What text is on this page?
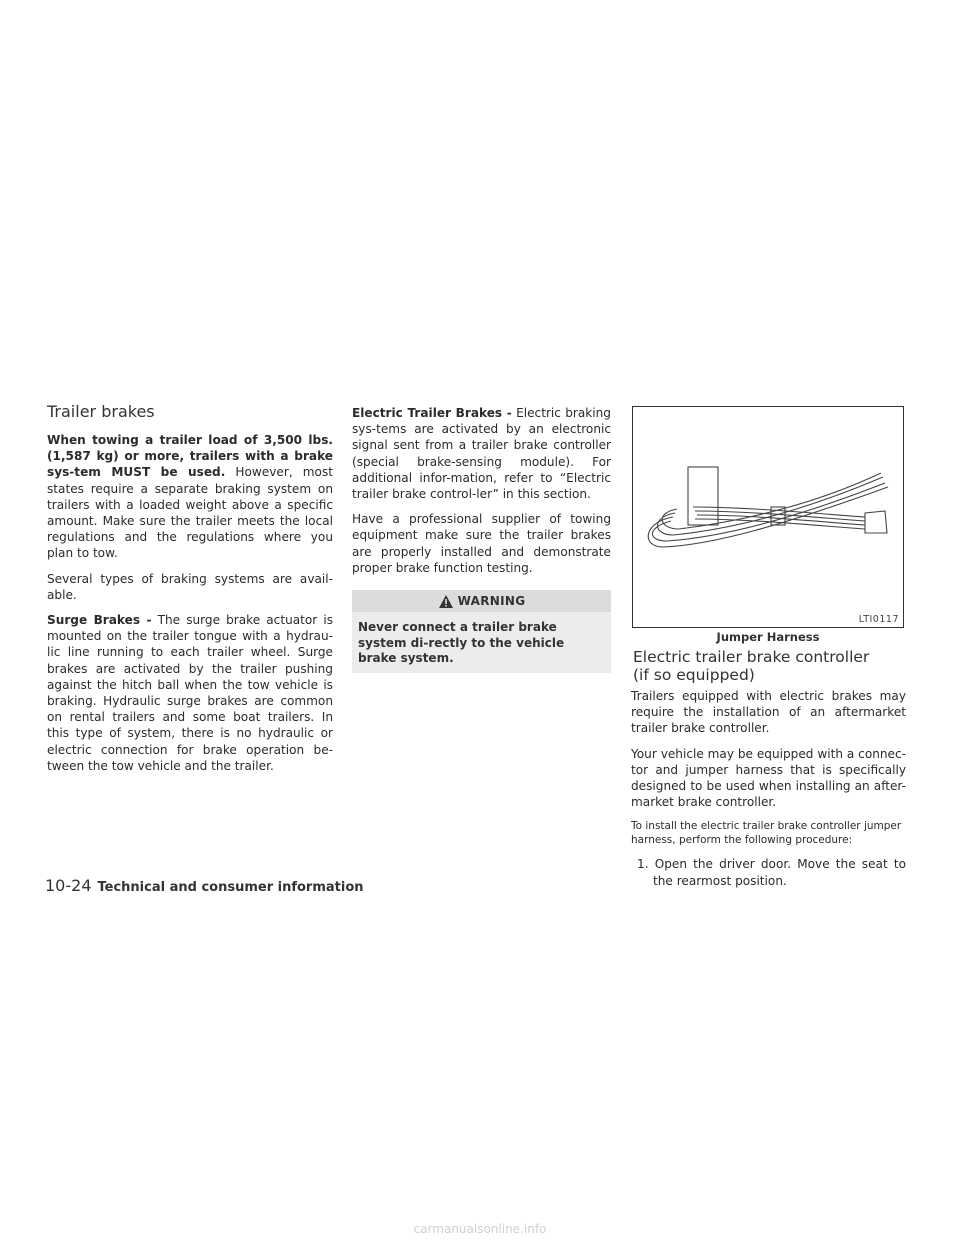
Trailer brakes

When towing a trailer load of 3,500 lbs. (1,587 kg) or more, trailers with a brake sys-tem MUST be used. However, most states require a separate braking system on trailers with a loaded weight above a specific amount. Make sure the trailer meets the local regulations and the regulations where you plan to tow.

Several types of braking systems are avail-able.

Surge Brakes - The surge brake actuator is mounted on the trailer tongue with a hydrau-lic line running to each trailer wheel. Surge brakes are activated by the trailer pushing against the hitch ball when the tow vehicle is braking. Hydraulic surge brakes are common on rental trailers and some boat trailers. In this type of system, there is no hydraulic or electric connection for brake operation be-tween the tow vehicle and the trailer.

Electric Trailer Brakes - Electric braking sys-tems are activated by an electronic signal sent from a trailer brake controller (special brake-sensing module). For additional infor-mation, refer to “Electric trailer brake control-ler” in this section.

Have a professional supplier of towing equipment make sure the trailer brakes are properly installed and demonstrate proper brake function testing.

WARNING
Never connect a trailer brake system di-rectly to the vehicle brake system.
LTI0117
Jumper Harness
Electric trailer brake controller
(if so equipped)

Trailers equipped with electric brakes may require the installation of an aftermarket trailer brake controller.

Your vehicle may be equipped with a connec-tor and jumper harness that is specifically designed to be used when installing an after-market brake controller.

To install the electric trailer brake controller jumper harness, perform the following procedure:

1. Open the driver door. Move the seat to the rearmost position.

10-24 Technical and consumer information
carmanualsonline.info
